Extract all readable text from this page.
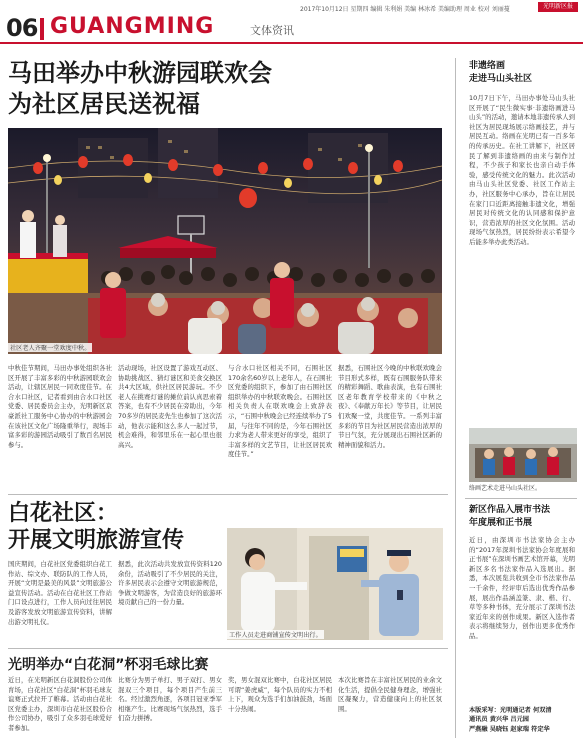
2017年10月12日 星期四 编辑 朱利娟 美编 林冰希 美编助理 周业 校对 刘丽蔓	光明新区报
06 GUANGMING	文体资讯
马田举办中秋游园联欢会
为社区居民送祝福
社区老人齐聚一堂欢度中秋。
中秋佳节期间，马田办事处组织各社区开展了丰富多彩的中秋游园联欢会活动，让辖区居民一同欢度佳节。在合水口社区，记者看到由合水口社区党委、居民委员会主办，光明新区京豪派社工服务中心协办的中秋游园会在该社区文化广场隆重举行，现场丰富多彩的游园活动吸引了数百名居民参与。
活动现场，社区设置了游戏互动区、协助挑战区、猜灯谜区和美食交换区共4大区域，供社区居民游玩。不少老人在挑赛灯谜的摊位前认真思索着答案，也有不少居民在旁助出，今年70多岁的居民麦先生也参加了这次活动，他表示能和这么多人一起过节，机会难得，和邻里乐在一起心里也很高兴。
与合水口社区相关不同，石围社区170余名60岁以上老年人，在石围社区党委的组织下，参加了由石围社区组织举办的中秋联欢晚会。石围社区相关负责人在联欢晚会上致辞表示，“石围中秋晚会已经连续举办了5届，与往年不同的是，今年石围社区力求为老人带来更好的享受，组织了丰富多样的文艺节目，让社区居民欢度佳节。”
据悉，石围社区今晚的中秋联欢晚会节目形式多样，既有石围服务队带来的精彩舞蹈、歌曲表演，也有石围社区老年教育学校带来的《中秋之夜》、《奉献万年长》等节目，让居民们欢聚一堂，共度佳节。一系列丰富多彩的节目为社区居民营造出浓厚的节日气氛，充分展现出石围社区新的精神面貌和活力。
非遗络画
走进马山头社区
10月7日下午，马田办事处马山头社区开展了“民生微实事·非遗络画进马山头”的活动，邀请本地非遗传承人到社区为居民现场展示络画技艺，并与居民互动。络画在光明已有一百多年的传承历史。在社工讲解下，社区居民了解到非遗络画的由来与制作过程，不少孩子和家长也亲自动手体验，感受传统文化的魅力。此次活动由马山头社区党委、社区工作站主办，社区服务中心承办，旨在让居民在家门口近距离接触非遗文化，增强居民对传统文化的认同感和保护意识，营造浓厚的社区文化氛围。活动现场气氛热烈，居民纷纷表示希望今后能多举办此类活动。
络画艺术走进马山头社区。
白花社区：
开展文明旅游宣传
国庆期间，白花社区党委组织白花工作站、综文办、联防队的工作人员，开展“文明是最美的风景”文明旅游公益宣传活动。活动在白花社区工作站门口设点进行，工作人员向过往居民及游客发放文明旅游宣传资料，讲解出游文明礼仪。
据悉，此次活动共发放宣传资料120余份，活动吸引了不少居民的关注，许多居民表示会遵守文明旅游规范，争做文明游客，为营造良好的旅游环境贡献自己的一份力量。
工作人员走进商铺宣传文明出行。
光明举办“白花洞”杯羽毛球比赛
近日，在光明新区白花洞股份公司体育场，白花社区“白花洞”杯羽毛球友谊赛正式拉开了帷幕。活动由白花社区党委主办，深圳市白花社区股份合作公司协办，吸引了众多羽毛球爱好者参加。
比赛分为男子单打、男子双打、男女混双三个项目，每个项目产生前三名。经过激烈角逐，各项目冠亚季军相继产生。比赛现场气氛热烈，选手们奋力拼搏。
奖，男女混双比赛中，白花社区居民可谓“姜虎威”，每个队员的实力不相上下，观众为选手们加油鼓劲，场面十分热闹。
本次比赛旨在丰富社区居民的业余文化生活，提倡全民健身理念，增强社区凝聚力，营造健康向上的社区氛围。
新区作品入展市书法
年度展和正书展
近日，由深圳市书法家协会主办的“2017年深圳书法家协会年度展和正书展”在深圳书画艺术馆开幕，光明新区多名书法家作品入选展出。据悉，本次展览共收到全市书法家作品一千余件，经评审后选出优秀作品参展，展出作品涵盖篆、隶、楷、行、草等多种书体，充分展示了深圳书法家近年来的创作成果。新区入选作者表示将继续努力，创作出更多优秀作品。
本版采写：光明通记者 何双清
通讯员 黄兴华 吕元园
严燕融 吴晓钰 赵家瑞 符定华
